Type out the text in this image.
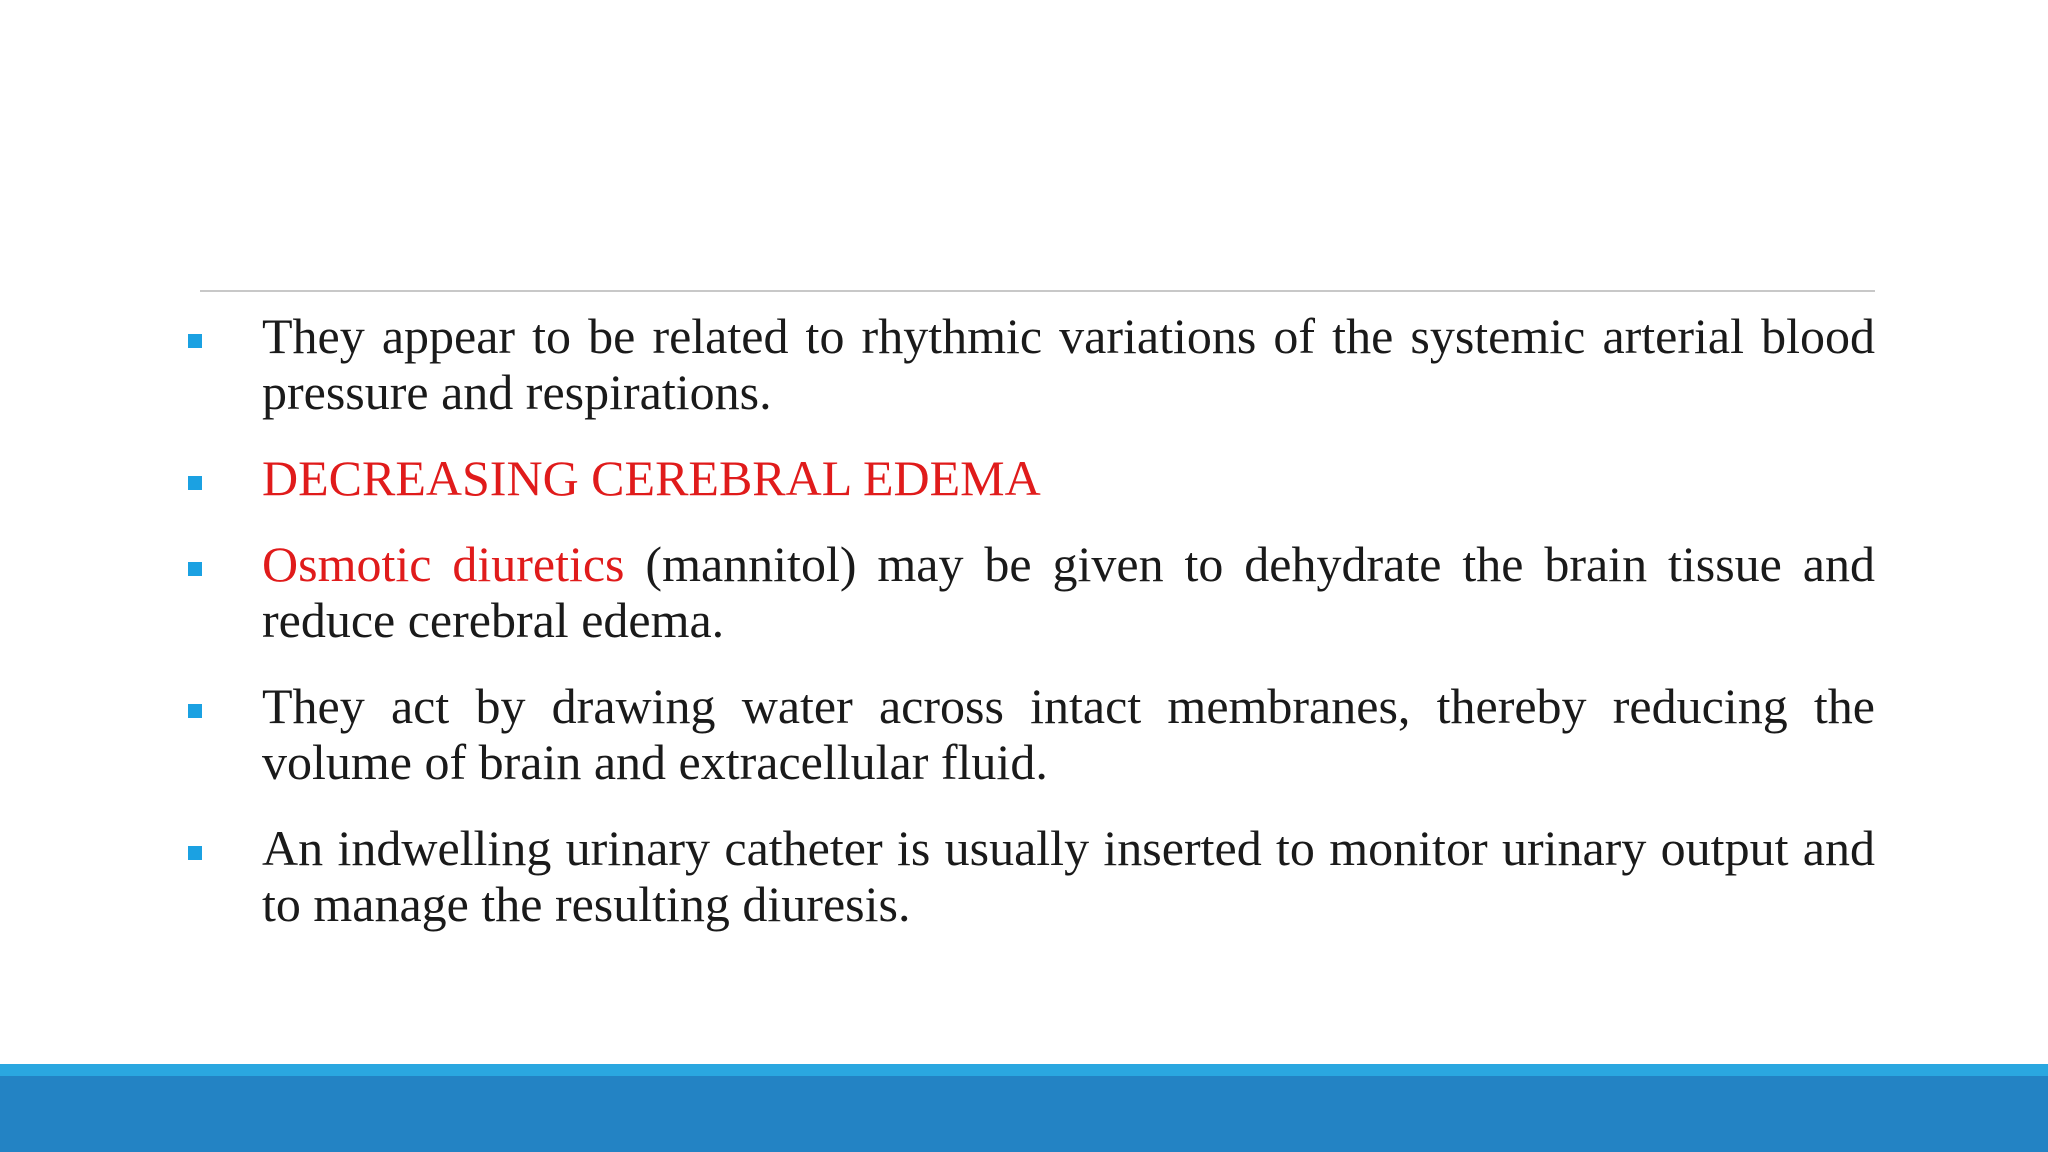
They appear to be related to rhythmic variations of the systemic arterial blood pressure and respirations.
DECREASING CEREBRAL EDEMA
Osmotic diuretics (mannitol) may be given to dehydrate the brain tissue and reduce cerebral edema.
They act by drawing water across intact membranes, thereby reducing the volume of brain and extracellular fluid.
An indwelling urinary catheter is usually inserted to monitor urinary output and to manage the resulting diuresis.
